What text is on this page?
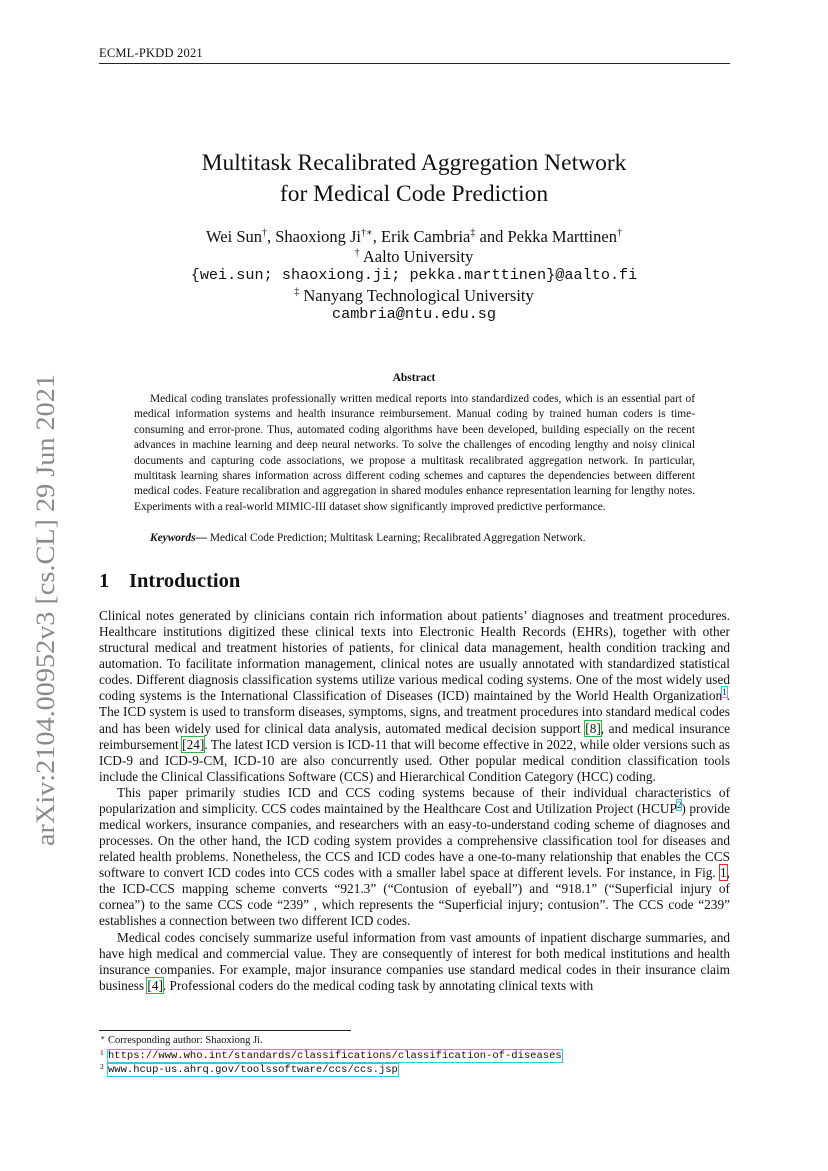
ECML-PKDD 2021
arXiv:2104.00952v3 [cs.CL] 29 Jun 2021
Multitask Recalibrated Aggregation Network
for Medical Code Prediction
Wei Sun†, Shaoxiong Ji†∗, Erik Cambria‡ and Pekka Marttinen†
† Aalto University
{wei.sun; shaoxiong.ji; pekka.marttinen}@aalto.fi
‡ Nanyang Technological University
cambria@ntu.edu.sg
Abstract

Medical coding translates professionally written medical reports into standardized codes, which is an essential part of medical information systems and health insurance reimbursement. Manual coding by trained human coders is time-consuming and error-prone. Thus, automated coding algorithms have been developed, building especially on the recent advances in machine learning and deep neural networks. To solve the challenges of encoding lengthy and noisy clinical documents and capturing code associations, we propose a multitask recalibrated aggregation network. In particular, multitask learning shares information across different coding schemes and captures the dependencies between different medical codes. Feature recalibration and aggregation in shared modules enhance representation learning for lengthy notes. Experiments with a real-world MIMIC-III dataset show significantly improved predictive performance.

Keywords— Medical Code Prediction; Multitask Learning; Recalibrated Aggregation Network.

1 Introduction

Clinical notes generated by clinicians contain rich information about patients’ diagnoses and treatment procedures. Healthcare institutions digitized these clinical texts into Electronic Health Records (EHRs), together with other structural medical and treatment histories of patients, for clinical data management, health condition tracking and automation. To facilitate information management, clinical notes are usually annotated with standardized statistical codes. Different diagnosis classification systems utilize various medical coding systems. One of the most widely used coding systems is the International Classification of Diseases (ICD) maintained by the World Health Organization$^1$. The ICD system is used to transform diseases, symptoms, signs, and treatment procedures into standard medical codes and has been widely used for clinical data analysis, automated medical decision support [8], and medical insurance reimbursement [24]. The latest ICD version is ICD-11 that will become effective in 2022, while older versions such as ICD-9 and ICD-9-CM, ICD-10 are also concurrently used. Other popular medical condition classification tools include the Clinical Classifications Software (CCS) and Hierarchical Condition Category (HCC) coding.

This paper primarily studies ICD and CCS coding systems because of their individual characteristics of popularization and simplicity. CCS codes maintained by the Healthcare Cost and Utilization Project (HCUP$^2$) provide medical workers, insurance companies, and researchers with an easy-to-understand coding scheme of diagnoses and processes. On the other hand, the ICD coding system provides a comprehensive classification tool for diseases and related health problems. Nonetheless, the CCS and ICD codes have a one-to-many relationship that enables the CCS software to convert ICD codes into CCS codes with a smaller label space at different levels. For instance, in Fig. 1, the ICD-CCS mapping scheme converts “921.3” (“Contusion of eyeball”) and “918.1” (“Superficial injury of cornea”) to the same CCS code “239” , which represents the “Superficial injury; contusion”. The CCS code “239” establishes a connection between two different ICD codes.

Medical codes concisely summarize useful information from vast amounts of inpatient discharge summaries, and have high medical and commercial value. They are consequently of interest for both medical institutions and health insurance companies. For example, major insurance companies use standard medical codes in their insurance claim business [4]. Professional coders do the medical coding task by annotating clinical texts with

∗ Corresponding author: Shaoxiong Ji.
1 https://www.who.int/standards/classifications/classification-of-diseases
2 www.hcup-us.ahrq.gov/toolssoftware/ccs/ccs.jsp
